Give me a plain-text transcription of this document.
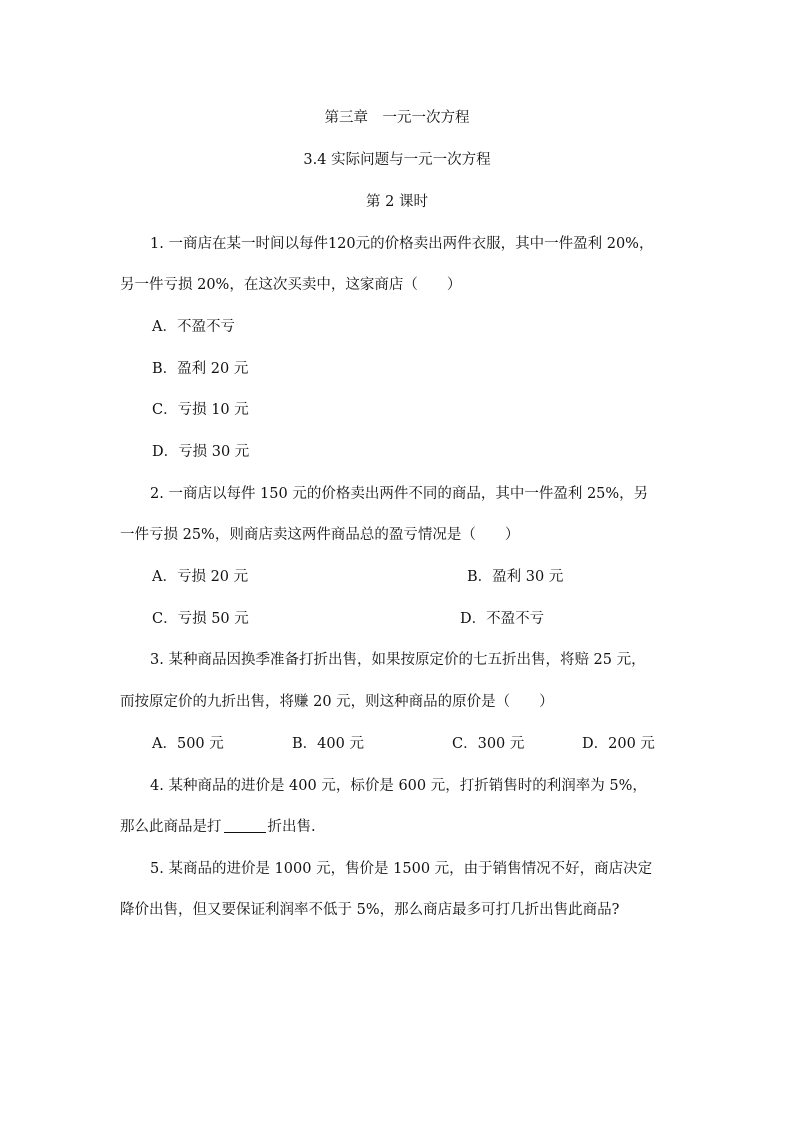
第三章　一元一次方程
3.4 实际问题与一元一次方程
第 2 课时
1. 一商店在某一时间以每件120元的价格卖出两件衣服，其中一件盈利 20%，
另一件亏损 20%，在这次买卖中，这家商店（　　）
A．不盈不亏
B．盈利 20 元
C．亏损 10 元
D．亏损 30 元
2. 一商店以每件 150 元的价格卖出两件不同的商品，其中一件盈利 25%，另
一件亏损 25%，则商店卖这两件商品总的盈亏情况是（　　）
A．亏损 20 元	B．盈利 30 元
C．亏损 50 元	D．不盈不亏
3. 某种商品因换季准备打折出售，如果按原定价的七五折出售，将赔 25 元，
而按原定价的九折出售，将赚 20 元，则这种商品的原价是（　　）
A．500 元	B．400 元	C．300 元	D．200 元
4. 某种商品的进价是 400 元，标价是 600 元，打折销售时的利润率为 5%，
那么此商品是打	折出售.
5. 某商品的进价是 1000 元，售价是 1500 元，由于销售情况不好，商店决定
降价出售，但又要保证利润率不低于 5%，那么商店最多可打几折出售此商品?
